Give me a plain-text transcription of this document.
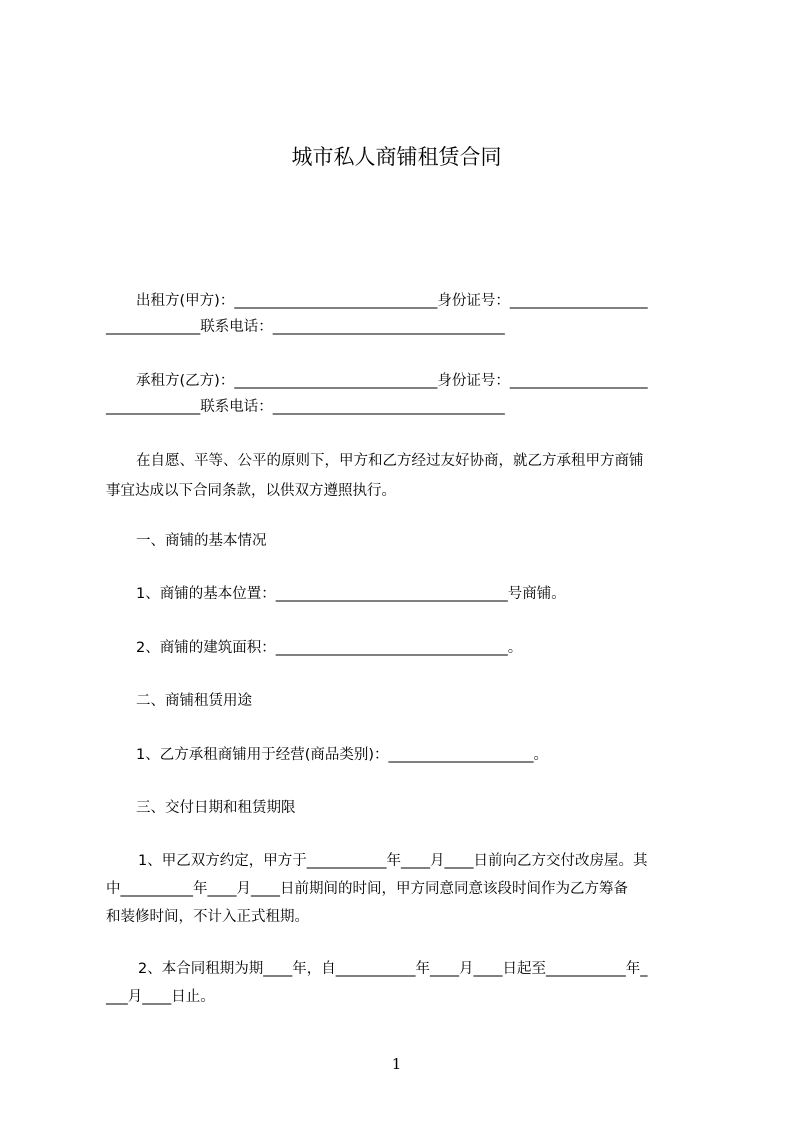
城市私人商铺租赁合同
出租方(甲方)：____________________________身份证号：___________________
_____________联系电话：________________________________
承租方(乙方)：____________________________身份证号：___________________
_____________联系电话：________________________________
在自愿、平等、公平的原则下，甲方和乙方经过友好协商，就乙方承租甲方商铺
事宜达成以下合同条款，以供双方遵照执行。
一、商铺的基本情况
1、商铺的基本位置：________________________________号商铺。
2、商铺的建筑面积：________________________________。
二、商铺租赁用途
1、乙方承租商铺用于经营(商品类别)：____________________。
三、交付日期和租赁期限
1、甲乙双方约定，甲方于___________年____月____日前向乙方交付改房屋。其
中__________年____月____日前期间的时间，甲方同意同意该段时间作为乙方筹备
和装修时间，不计入正式租期。
2、本合同租期为期____年，自___________年____月____日起至___________年_
___月____日止。
1
